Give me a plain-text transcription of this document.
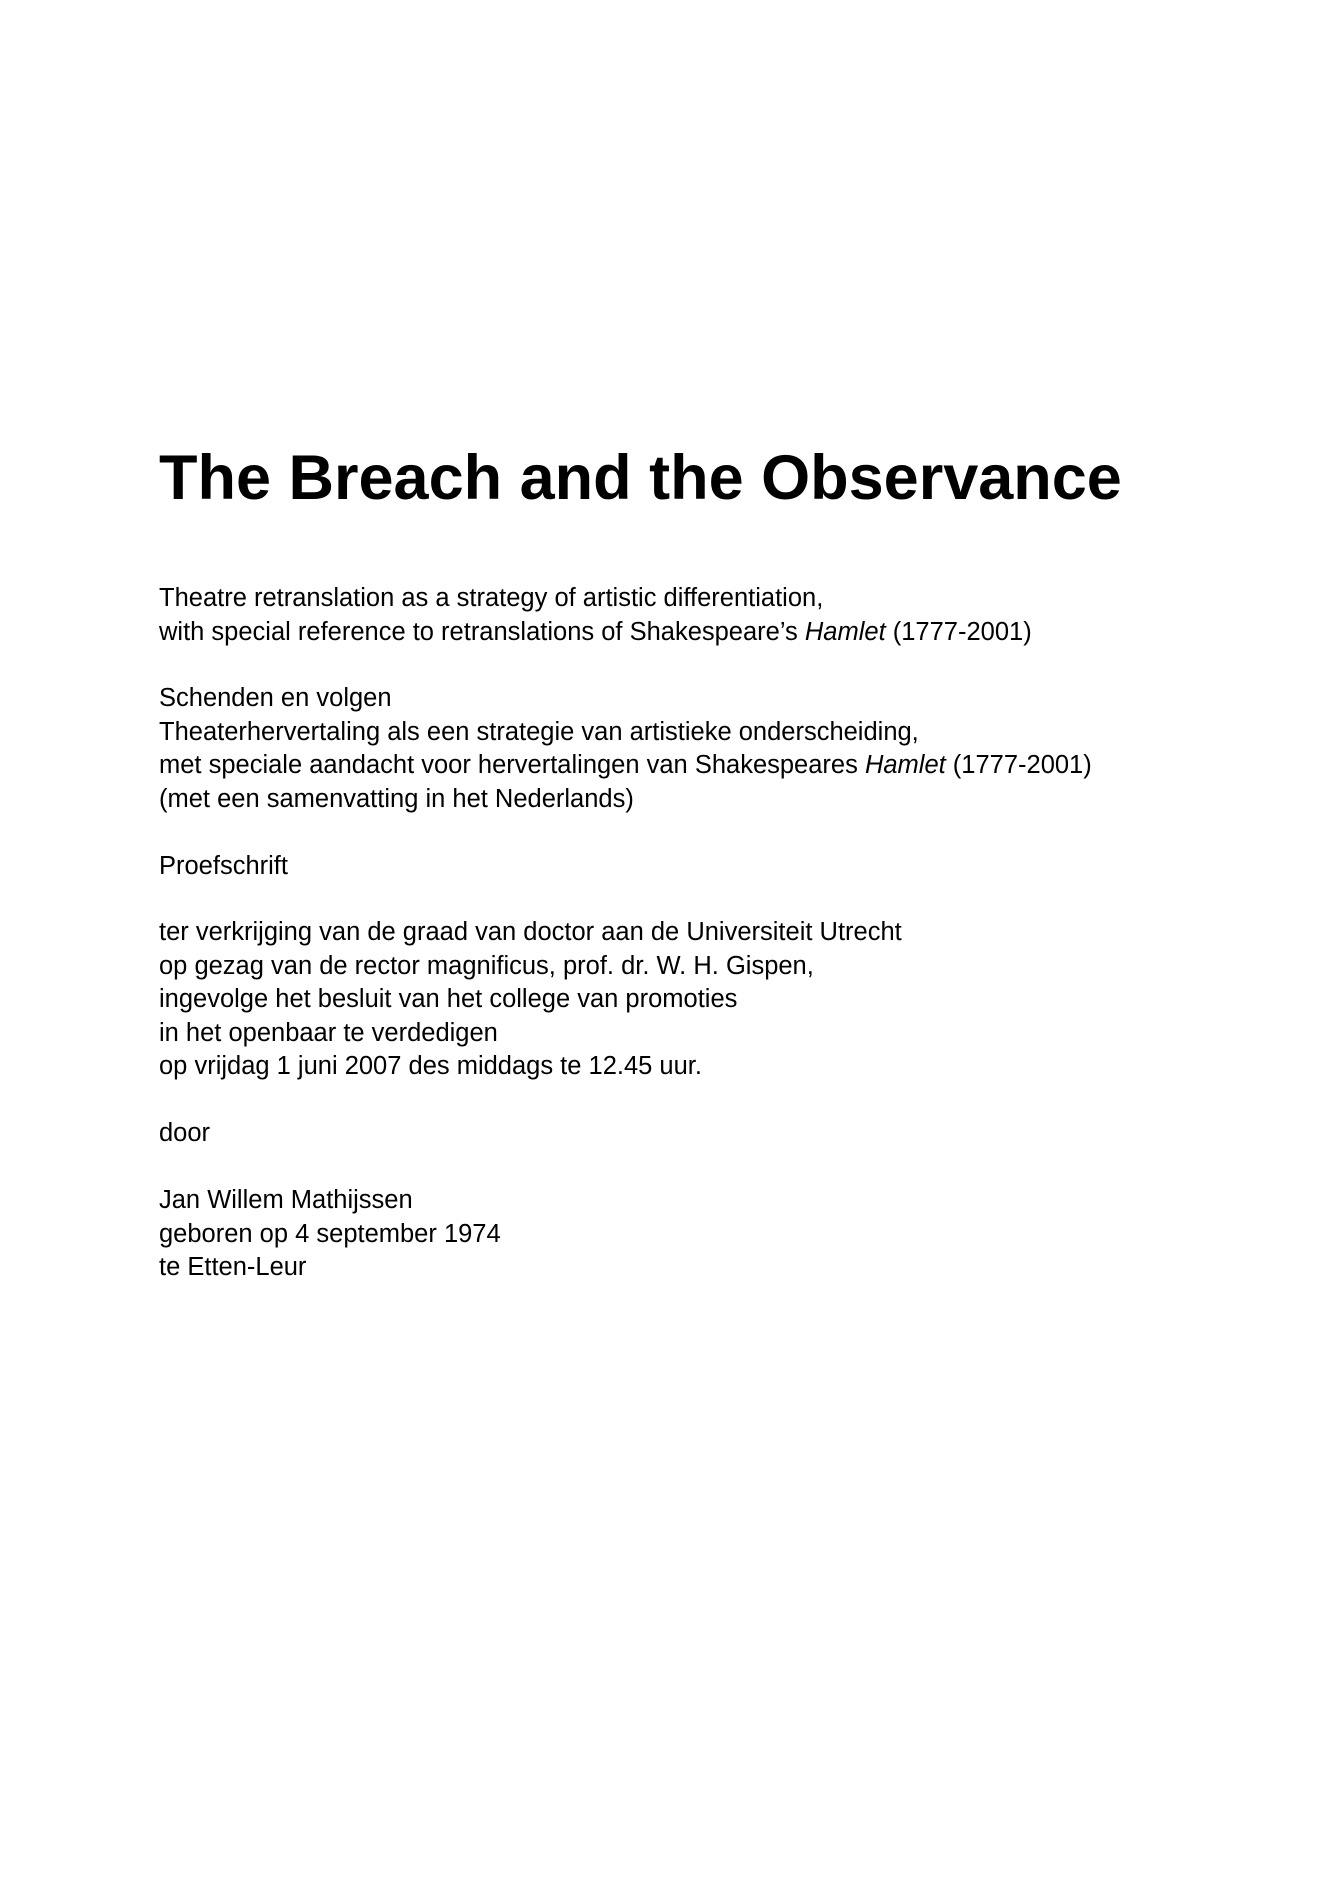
The Breach and the Observance
Theatre retranslation as a strategy of artistic differentiation,
with special reference to retranslations of Shakespeare’s Hamlet (1777-2001)
Schenden en volgen
Theaterhervertaling als een strategie van artistieke onderscheiding,
met speciale aandacht voor hervertalingen van Shakespeares Hamlet (1777-2001)
(met een samenvatting in het Nederlands)
Proefschrift
ter verkrijging van de graad van doctor aan de Universiteit Utrecht
op gezag van de rector magnificus, prof. dr. W. H. Gispen,
ingevolge het besluit van het college van promoties
in het openbaar te verdedigen
op vrijdag 1 juni 2007 des middags te 12.45 uur.
door
Jan Willem Mathijssen
geboren op 4 september 1974
te Etten-Leur
